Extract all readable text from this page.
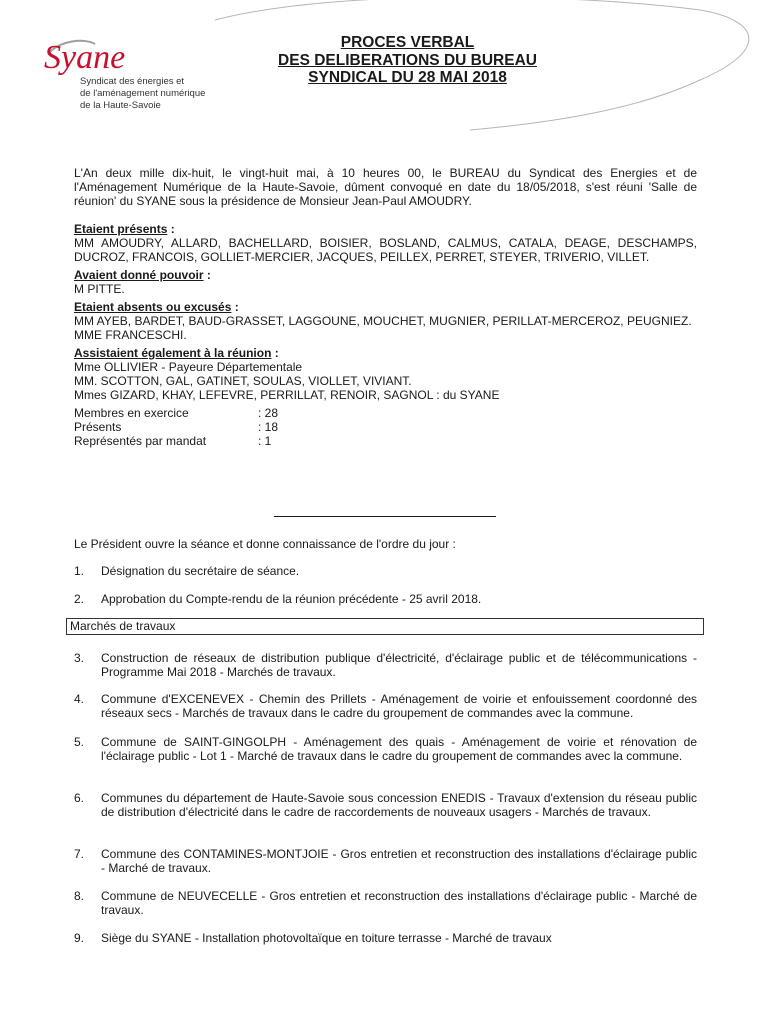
Syane
Syndicat des énergies et
de l'aménagement numérique
de la Haute-Savoie
PROCES VERBAL
DES DELIBERATIONS DU BUREAU
SYNDICAL DU 28 MAI 2018

L'An deux mille dix-huit, le vingt-huit mai, à 10 heures 00, le BUREAU du Syndicat des Energies et de l'Aménagement Numérique de la Haute-Savoie, dûment convoqué en date du 18/05/2018, s'est réuni 'Salle de réunion' du SYANE sous la présidence de Monsieur Jean-Paul AMOUDRY.

Etaient présents :

MM AMOUDRY, ALLARD, BACHELLARD, BOISIER, BOSLAND, CALMUS, CATALA, DEAGE, DESCHAMPS, DUCROZ, FRANCOIS, GOLLIET-MERCIER, JACQUES, PEILLEX, PERRET, STEYER, TRIVERIO, VILLET.

Avaient donné pouvoir :

M PITTE.

Etaient absents ou excusés :

MM AYEB, BARDET, BAUD-GRASSET, LAGGOUNE, MOUCHET, MUGNIER, PERILLAT-MERCEROZ, PEUGNIEZ.

MME FRANCESCHI.

Assistaient également à la réunion :

Mme OLLIVIER - Payeure Départementale

MM. SCOTTON, GAL, GATINET, SOULAS, VIOLLET, VIVIANT.

Mmes GIZARD, KHAY, LEFEVRE, PERRILLAT, RENOIR, SAGNOL : du SYANE

Membres en exercice	: 28
Présents	: 18
Représentés par mandat	: 1

Le Président ouvre la séance et donne connaissance de l'ordre du jour :

1.	Désignation du secrétaire de séance.
2.	Approbation du Compte-rendu de la réunion précédente - 25 avril 2018.
Marchés de travaux
3.	Construction de réseaux de distribution publique d'électricité, d'éclairage public et de télécommunications - Programme Mai 2018 - Marchés de travaux.
4.	Commune d'EXCENEVEX - Chemin des Prillets - Aménagement de voirie et enfouissement coordonné des réseaux secs - Marchés de travaux dans le cadre du groupement de commandes avec la commune.
5.	Commune de SAINT-GINGOLPH - Aménagement des quais - Aménagement de voirie et rénovation de l'éclairage public - Lot 1 - Marché de travaux dans le cadre du groupement de commandes avec la commune.
6.	Communes du département de Haute-Savoie sous concession ENEDIS - Travaux d'extension du réseau public de distribution d'électricité dans le cadre de raccordements de nouveaux usagers - Marchés de travaux.
7.	Commune des CONTAMINES-MONTJOIE - Gros entretien et reconstruction des installations d'éclairage public - Marché de travaux.
8.	Commune de NEUVECELLE - Gros entretien et reconstruction des installations d'éclairage public - Marché de travaux.
9.	Siège du SYANE - Installation photovoltaïque en toiture terrasse - Marché de travaux
